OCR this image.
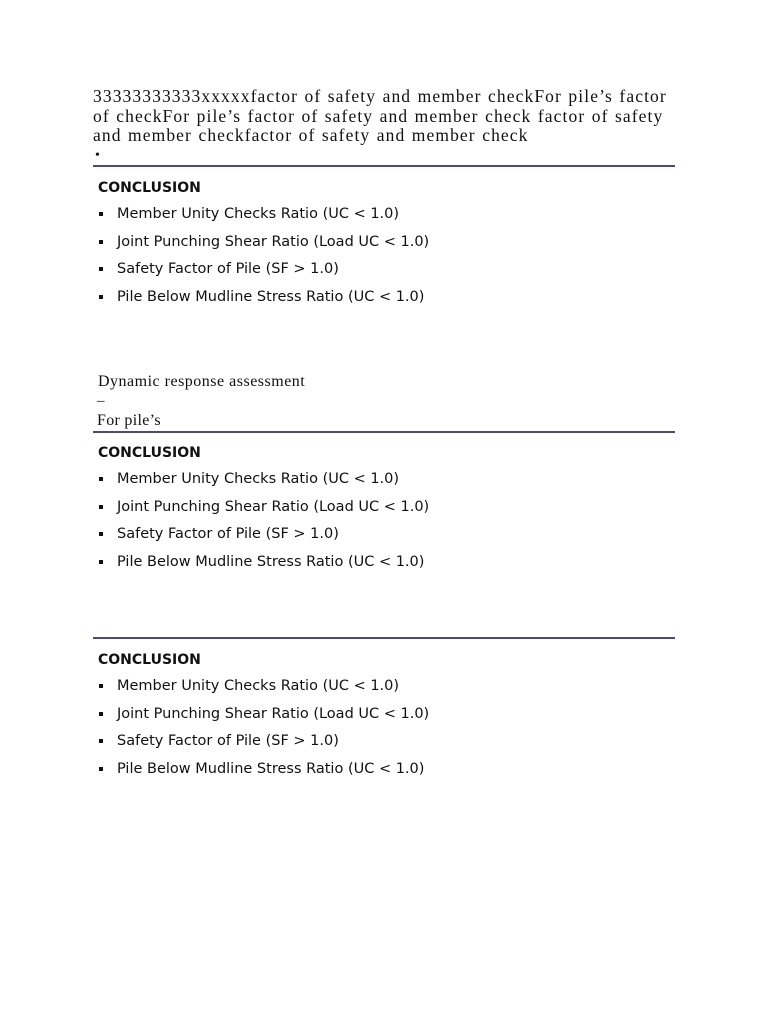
33333333333xxxxxfactor of safety and member checkFor pile’s factor of checkFor pile’s factor of safety and member check factor of safety and member checkfactor of safety and member check

•

CONCLUSION

Member Unity Checks Ratio (UC < 1.0)
Joint Punching Shear Ratio (Load UC < 1.0)
Safety Factor of Pile (SF > 1.0)
Pile Below Mudline Stress Ratio (UC < 1.0)

Dynamic response assessment

–
For pile’s

CONCLUSION

Member Unity Checks Ratio (UC < 1.0)
Joint Punching Shear Ratio (Load UC < 1.0)
Safety Factor of Pile (SF > 1.0)
Pile Below Mudline Stress Ratio (UC < 1.0)

CONCLUSION

Member Unity Checks Ratio (UC < 1.0)
Joint Punching Shear Ratio (Load UC < 1.0)
Safety Factor of Pile (SF > 1.0)
Pile Below Mudline Stress Ratio (UC < 1.0)
